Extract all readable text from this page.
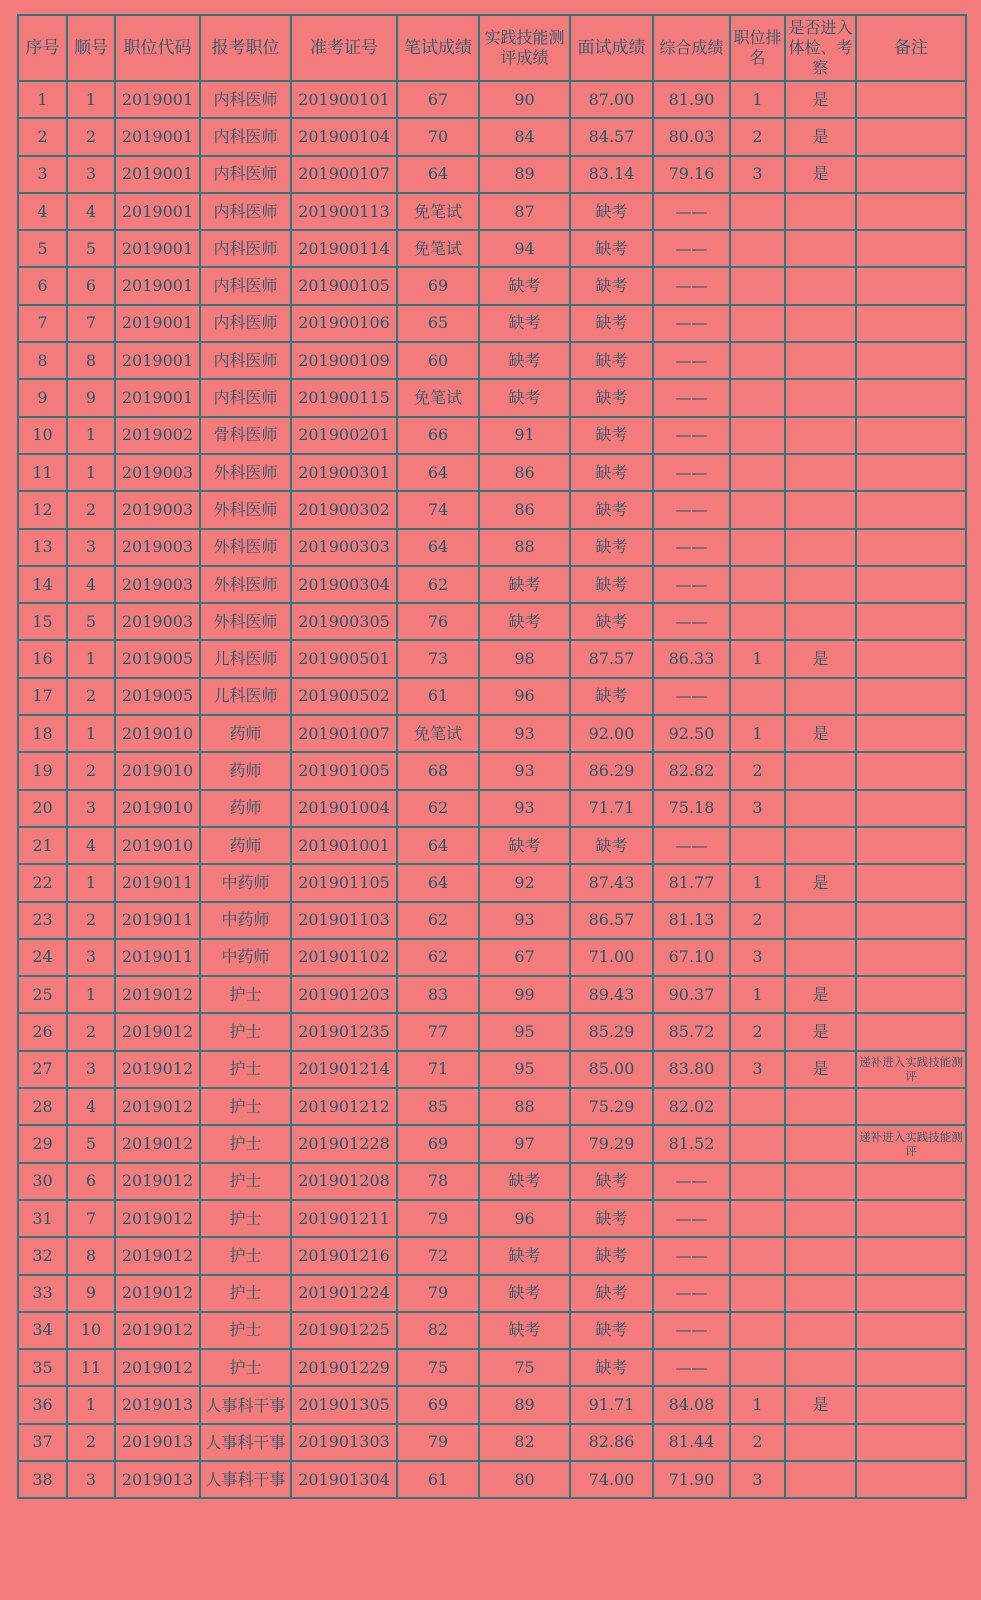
序号	顺号	职位代码	报考职位	准考证号	笔试成绩	实践技能测评成绩	面试成绩	综合成绩	职位排名	是否进入体检、考察	备注
1	1	2019001	内科医师	201900101	67	90	87.00	81.90	1	是	
2	2	2019001	内科医师	201900104	70	84	84.57	80.03	2	是	
3	3	2019001	内科医师	201900107	64	89	83.14	79.16	3	是	
4	4	2019001	内科医师	201900113	免笔试	87	缺考	——			
5	5	2019001	内科医师	201900114	免笔试	94	缺考	——			
6	6	2019001	内科医师	201900105	69	缺考	缺考	——			
7	7	2019001	内科医师	201900106	65	缺考	缺考	——			
8	8	2019001	内科医师	201900109	60	缺考	缺考	——			
9	9	2019001	内科医师	201900115	免笔试	缺考	缺考	——			
10	1	2019002	骨科医师	201900201	66	91	缺考	——			
11	1	2019003	外科医师	201900301	64	86	缺考	——			
12	2	2019003	外科医师	201900302	74	86	缺考	——			
13	3	2019003	外科医师	201900303	64	88	缺考	——			
14	4	2019003	外科医师	201900304	62	缺考	缺考	——			
15	5	2019003	外科医师	201900305	76	缺考	缺考	——			
16	1	2019005	儿科医师	201900501	73	98	87.57	86.33	1	是	
17	2	2019005	儿科医师	201900502	61	96	缺考	——			
18	1	2019010	药师	201901007	免笔试	93	92.00	92.50	1	是	
19	2	2019010	药师	201901005	68	93	86.29	82.82	2		
20	3	2019010	药师	201901004	62	93	71.71	75.18	3		
21	4	2019010	药师	201901001	64	缺考	缺考	——			
22	1	2019011	中药师	201901105	64	92	87.43	81.77	1	是	
23	2	2019011	中药师	201901103	62	93	86.57	81.13	2		
24	3	2019011	中药师	201901102	62	67	71.00	67.10	3		
25	1	2019012	护士	201901203	83	99	89.43	90.37	1	是	
26	2	2019012	护士	201901235	77	95	85.29	85.72	2	是	
27	3	2019012	护士	201901214	71	95	85.00	83.80	3	是	递补进入实践技能测评
28	4	2019012	护士	201901212	85	88	75.29	82.02			
29	5	2019012	护士	201901228	69	97	79.29	81.52			递补进入实践技能测评
30	6	2019012	护士	201901208	78	缺考	缺考	——			
31	7	2019012	护士	201901211	79	96	缺考	——			
32	8	2019012	护士	201901216	72	缺考	缺考	——			
33	9	2019012	护士	201901224	79	缺考	缺考	——			
34	10	2019012	护士	201901225	82	缺考	缺考	——			
35	11	2019012	护士	201901229	75	75	缺考	——			
36	1	2019013	人事科干事	201901305	69	89	91.71	84.08	1	是	
37	2	2019013	人事科干事	201901303	79	82	82.86	81.44	2		
38	3	2019013	人事科干事	201901304	61	80	74.00	71.90	3		
